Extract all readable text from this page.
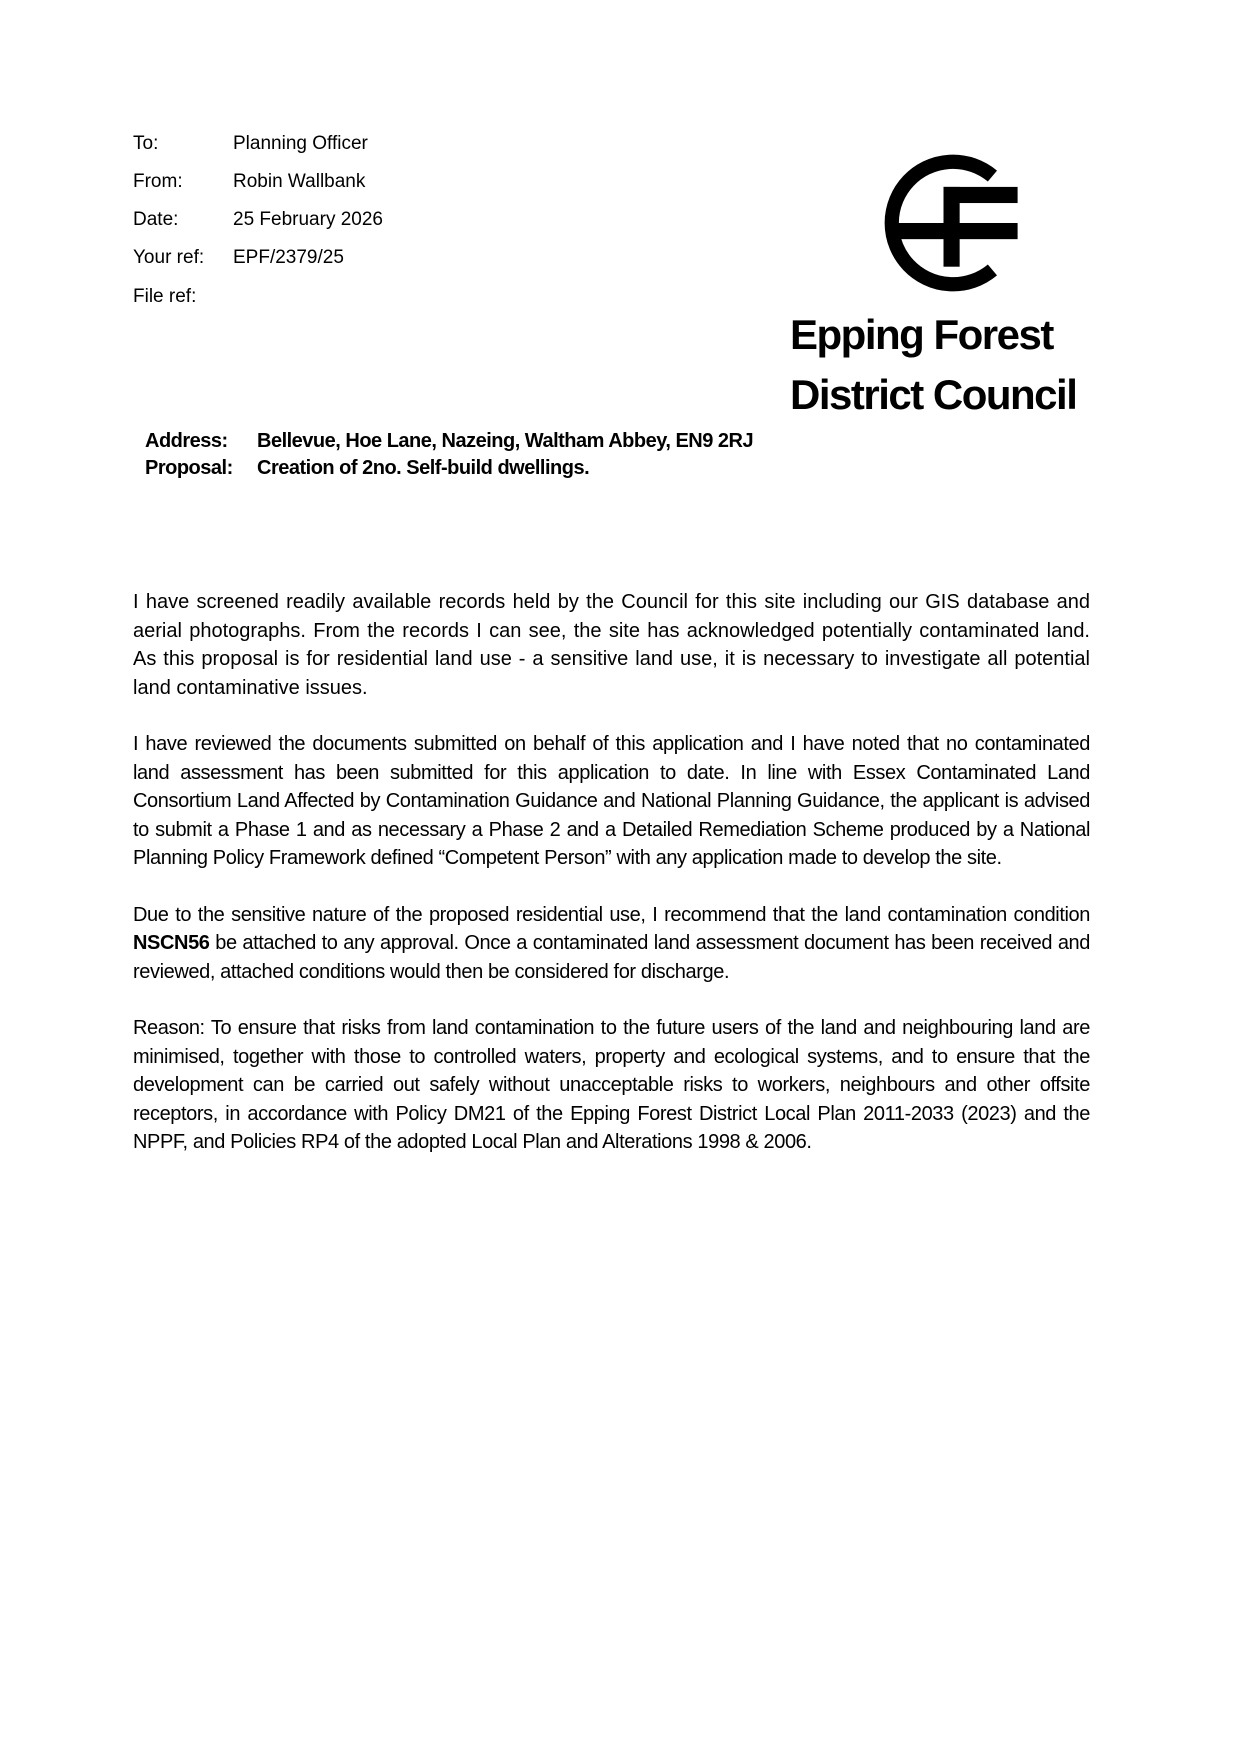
To:	Planning Officer
From:	Robin Wallbank
Date:	25 February 2026
Your ref:	EPF/2379/25
File ref:
Epping Forest
District Council
Address:	Bellevue, Hoe Lane, Nazeing, Waltham Abbey, EN9 2RJ
Proposal:	Creation of 2no. Self-build dwellings.

I have screened readily available records held by the Council for this site including our GIS database and aerial photographs. From the records I can see, the site has acknowledged potentially contaminated land. As this proposal is for residential land use - a sensitive land use, it is necessary to investigate all potential land contaminative issues.

I have reviewed the documents submitted on behalf of this application and I have noted that no contaminated land assessment has been submitted for this application to date. In line with Essex Contaminated Land Consortium Land Affected by Contamination Guidance and National Planning Guidance, the applicant is advised to submit a Phase 1 and as necessary a Phase 2 and a Detailed Remediation Scheme produced by a National Planning Policy Framework defined “Competent Person” with any application made to develop the site.

Due to the sensitive nature of the proposed residential use, I recommend that the land contamination condition NSCN56 be attached to any approval. Once a contaminated land assessment document has been received and reviewed, attached conditions would then be considered for discharge.

Reason: To ensure that risks from land contamination to the future users of the land and neighbouring land are minimised, together with those to controlled waters, property and ecological systems, and to ensure that the development can be carried out safely without unacceptable risks to workers, neighbours and other offsite receptors, in accordance with Policy DM21 of the Epping Forest District Local Plan 2011-2033 (2023) and the NPPF, and Policies RP4 of the adopted Local Plan and Alterations 1998 & 2006.
